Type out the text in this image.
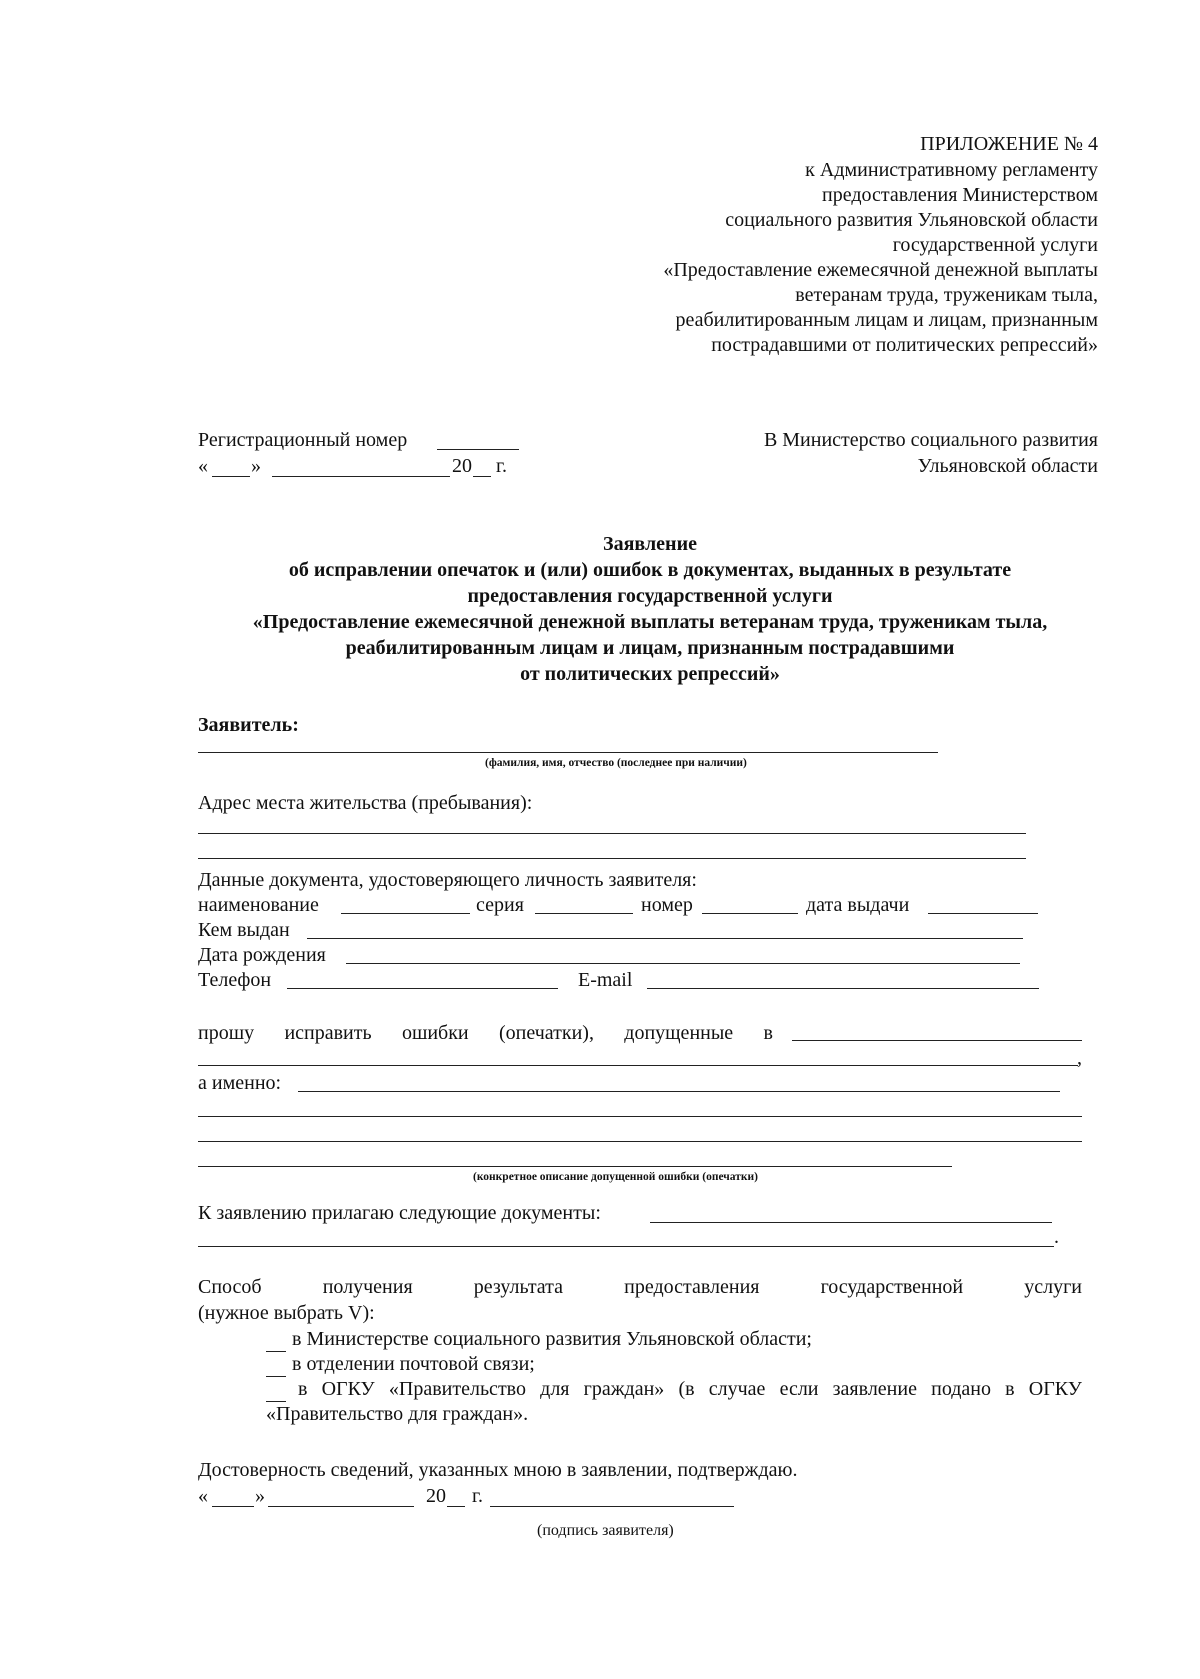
ПРИЛОЖЕНИЕ № 4
к Административному регламенту
предоставления Министерством
социального развития Ульяновской области
государственной услуги
«Предоставление ежемесячной денежной выплаты
ветеранам труда, труженикам тыла,
реабилитированным лицам и лицам, признанным
пострадавшими от политических репрессий»
Регистрационный номер
« »	20 г.
В Министерство социального развития
Ульяновской области
Заявление
об исправлении опечаток и (или) ошибок в документах, выданных в результате
предоставления государственной услуги
«Предоставление ежемесячной денежной выплаты ветеранам труда, труженикам тыла,
реабилитированным лицам и лицам, признанным пострадавшими
от политических репрессий»
Заявитель:
(фамилия, имя, отчество (последнее при наличии)
Адрес места жительства (пребывания):
Данные документа, удостоверяющего личность заявителя:
наименование	серия	номер	дата выдачи
Кем выдан
Дата рождения
Телефон	E-mail
прошу исправить ошибки (опечатки), допущенные в
,
а именно:
(конкретное описание допущенной ошибки (опечатки)
К заявлению прилагаю следующие документы:
.
Способ	получения	результата	предоставления	государственной	услуги
(нужное выбрать V):
в Министерстве социального развития Ульяновской области;
в отделении почтовой связи;
в ОГКУ «Правительство для граждан» (в случае если заявление подано в ОГКУ
«Правительство для граждан».
Достоверность сведений, указанных мною в заявлении, подтверждаю.
« »	20 г.
(подпись заявителя)
